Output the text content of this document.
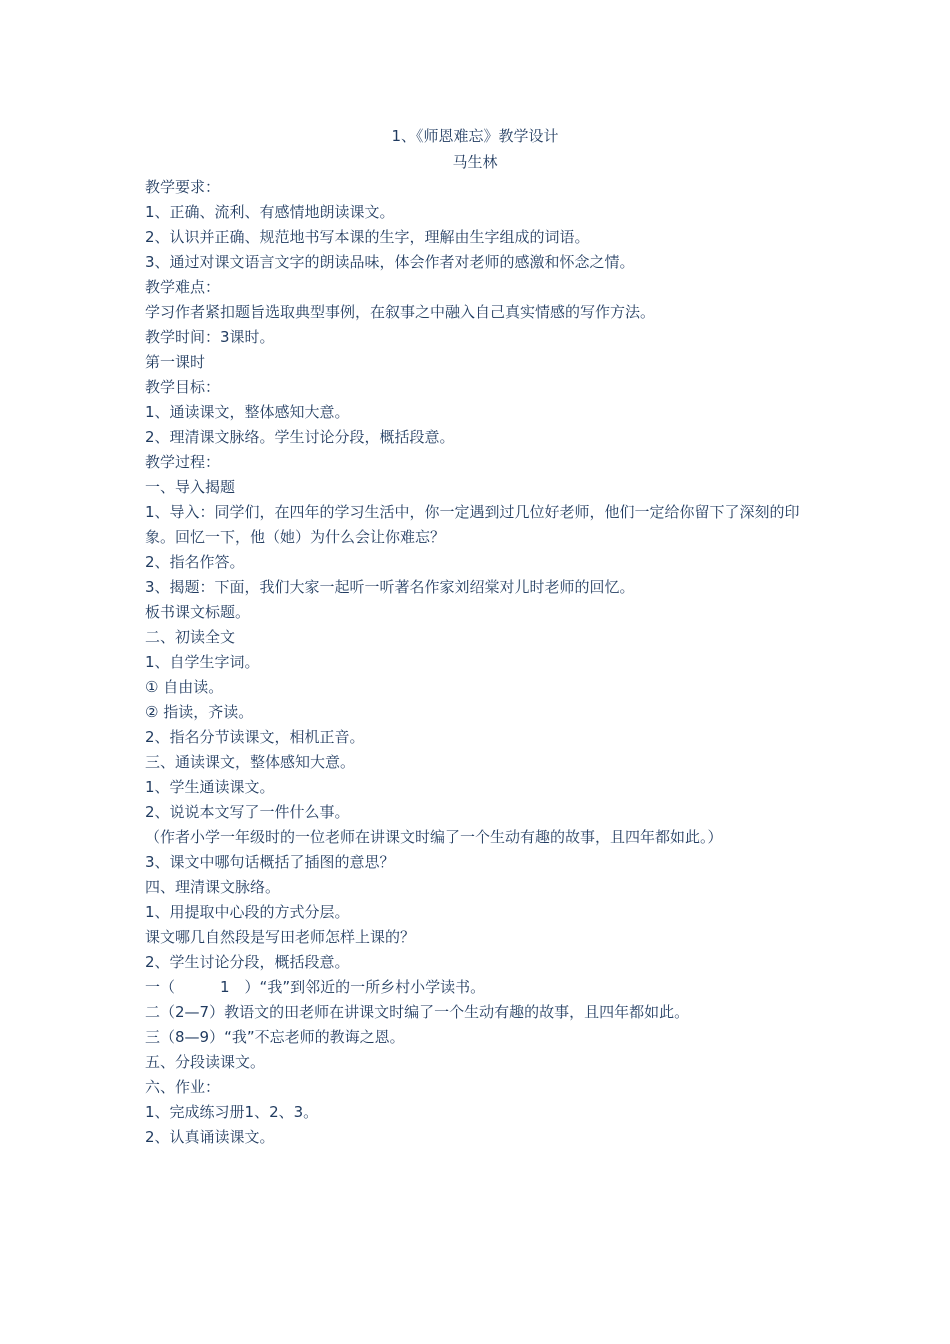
1、《师恩难忘》教学设计
马生林
教学要求：
1、正确、流利、有感情地朗读课文。
2、认识并正确、规范地书写本课的生字，理解由生字组成的词语。
3、通过对课文语言文字的朗读品味，体会作者对老师的感激和怀念之情。
教学难点：
学习作者紧扣题旨选取典型事例，在叙事之中融入自己真实情感的写作方法。
教学时间：3课时。
第一课时
教学目标：
1、通读课文，整体感知大意。
2、理清课文脉络。学生讨论分段，概括段意。
教学过程：
一、导入揭题
1、导入：同学们，在四年的学习生活中，你一定遇到过几位好老师，他们一定给你留下了深刻的印象。回忆一下，他（她）为什么会让你难忘？
2、指名作答。
3、揭题：下面，我们大家一起听一听著名作家刘绍棠对儿时老师的回忆。
板书课文标题。
二、初读全文
1、自学生字词。
① 自由读。
② 指读，齐读。
2、指名分节读课文，相机正音。
三、通读课文，整体感知大意。
1、学生通读课文。
2、说说本文写了一件什么事。
（作者小学一年级时的一位老师在讲课文时编了一个生动有趣的故事，且四年都如此。）
3、课文中哪句话概括了插图的意思？
四、理清课文脉络。
1、用提取中心段的方式分层。
课文哪几自然段是写田老师怎样上课的？
2、学生讨论分段，概括段意。
一（　　　1　）“我”到邻近的一所乡村小学读书。
二（2—7）教语文的田老师在讲课文时编了一个生动有趣的故事，且四年都如此。
三（8—9）“我”不忘老师的教诲之恩。
五、分段读课文。
六、作业：
1、完成练习册1、2、3。
2、认真诵读课文。
